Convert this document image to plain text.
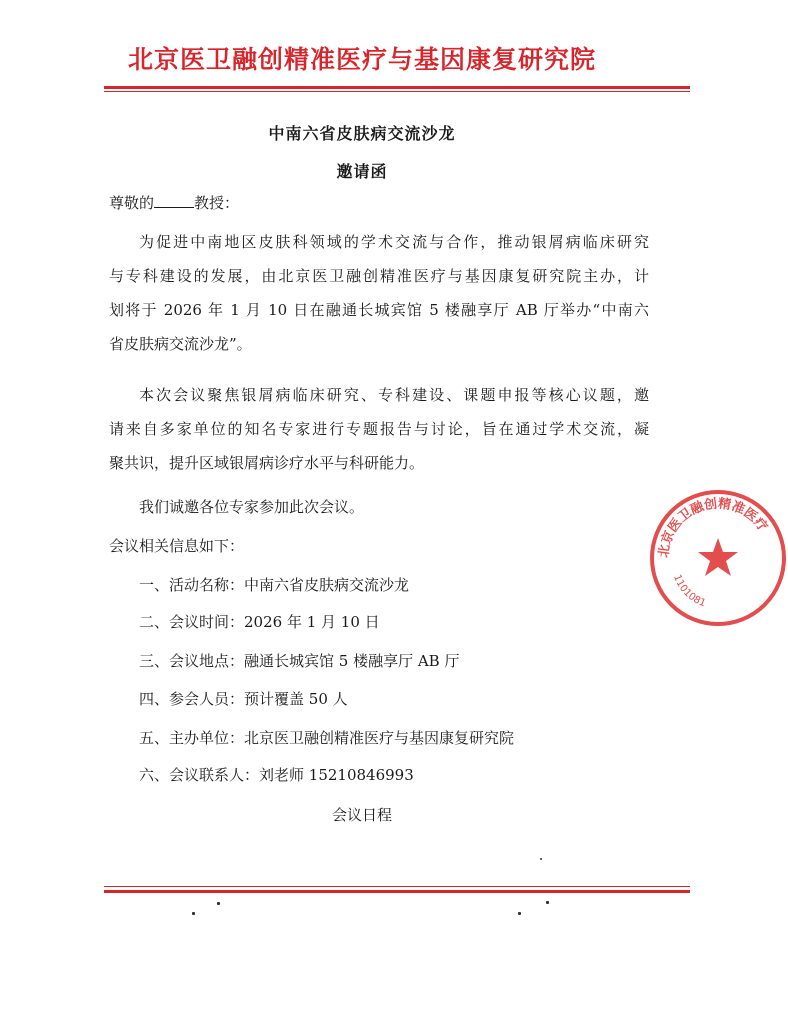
北京医卫融创精准医疗与基因康复研究院
中南六省皮肤病交流沙龙
邀请函
尊敬的	教授：
为促进中南地区皮肤科领域的学术交流与合作，推动银屑病临床研究
与专科建设的发展，由北京医卫融创精准医疗与基因康复研究院主办，计
划将于 2026 年 1 月 10 日在融通长城宾馆 5 楼融享厅 AB 厅举办“中南六
省皮肤病交流沙龙”。
本次会议聚焦银屑病临床研究、专科建设、课题申报等核心议题，邀
请来自多家单位的知名专家进行专题报告与讨论，旨在通过学术交流，凝
聚共识，提升区域银屑病诊疗水平与科研能力。
我们诚邀各位专家参加此次会议。
会议相关信息如下：
一、活动名称：中南六省皮肤病交流沙龙
二、会议时间：2026 年 1 月 10 日
三、会议地点：融通长城宾馆 5 楼融享厅 AB 厅
四、参会人员：预计覆盖 50 人
五、主办单位：北京医卫融创精准医疗与基因康复研究院
六、会议联系人：刘老师 15210846993
会议日程
北京医卫融创精准医疗
1101081
